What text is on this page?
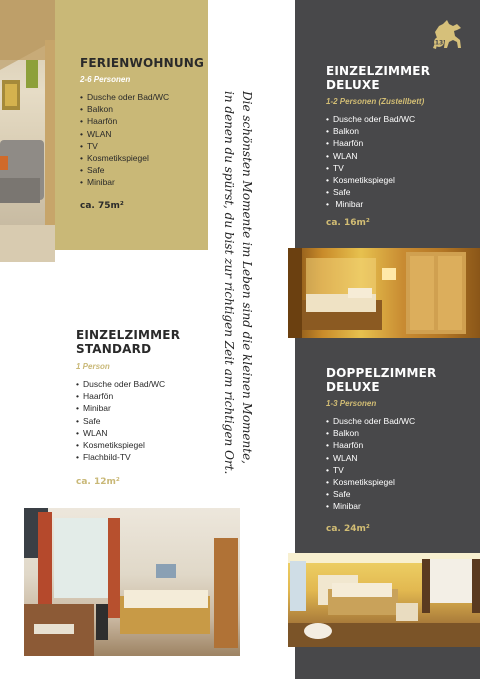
FERIENWOHNUNG
2-6 Personen
• Dusche oder Bad/WC
• Balkon
• Haarfön
• WLAN
• TV
• Kosmetikspiegel
• Safe
• Minibar
ca. 75m²	Die schönsten Momente im Leben sind die kleinen Momente,
in denen du spürst, du bist zur richtigen Zeit am richtigen Ort.
13
EINZELZIMMER
DELUXE
1-2 Personen (Zustellbett)
• Dusche oder Bad/WC
• Balkon
• Haarfön
• WLAN
• TV
• Kosmetikspiegel
• Safe
• Minibar
ca. 16m²
DOPPELZIMMER
DELUXE
1-3 Personen
• Dusche oder Bad/WC
• Balkon
• Haarfön
• WLAN
• TV
• Kosmetikspiegel
• Safe
• Minibar
ca. 24m²
EINZELZIMMER
STANDARD
1 Person
• Dusche oder Bad/WC
• Haarfön
• Minibar
• Safe
• WLAN
• Kosmetikspiegel
• Flachbild-TV
ca. 12m²
